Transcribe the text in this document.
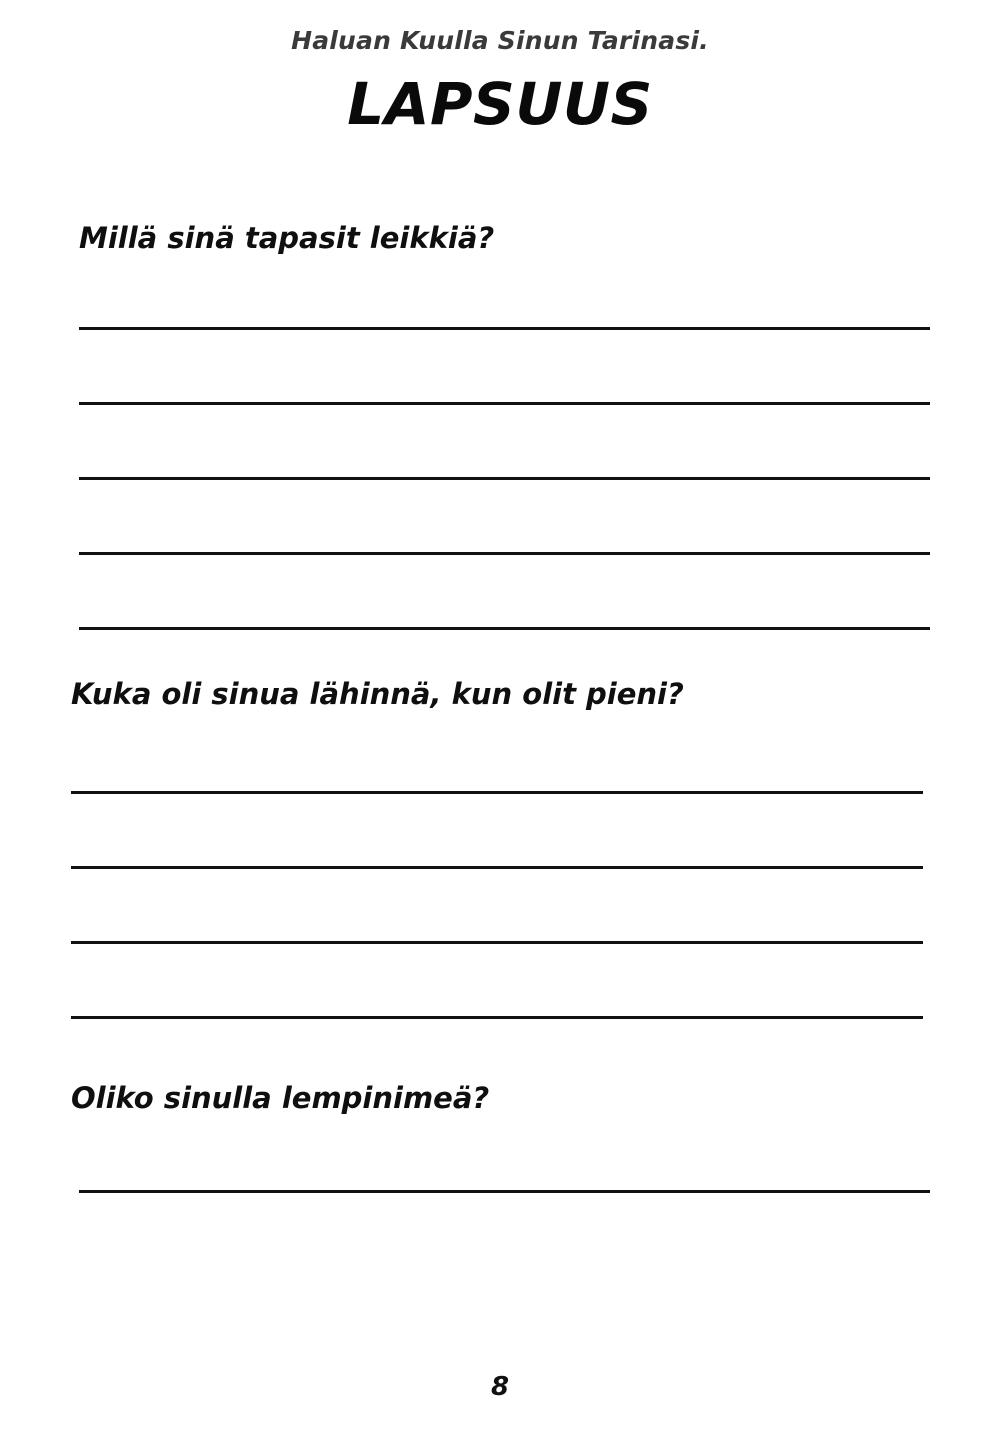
Haluan Kuulla Sinun Tarinasi.
LAPSUUS
Millä sinä tapasit leikkiä?
Kuka oli sinua lähinnä, kun olit pieni?
Oliko sinulla lempinimeä?
8
